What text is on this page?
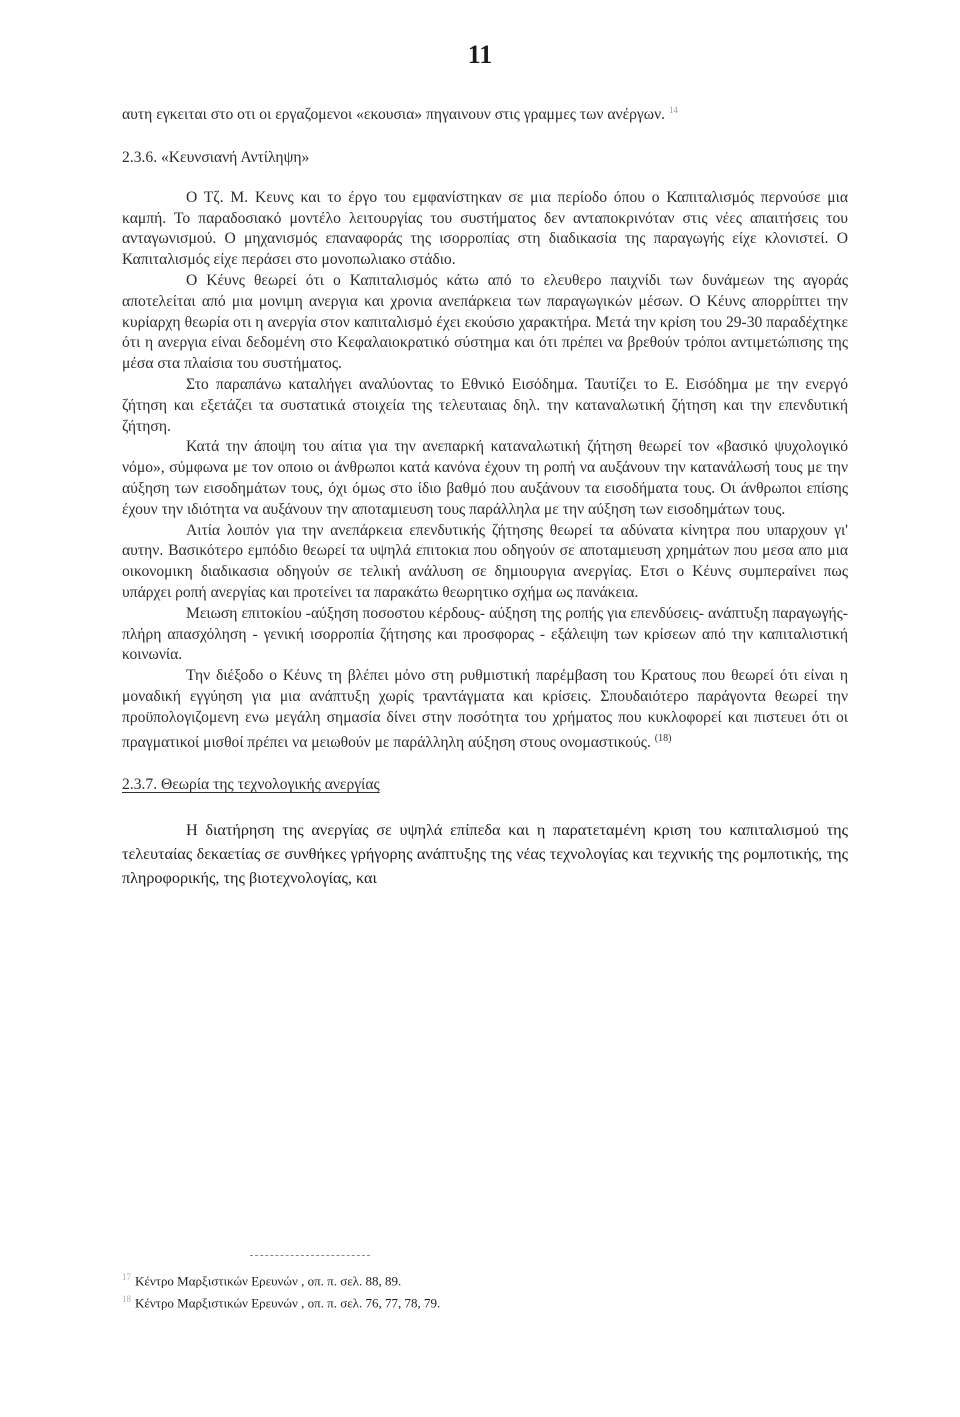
11

αυτη εγκειται στο οτι οι εργαζομενοι «εκουσια» πηγαινουν στις γραμμες των ανέργων. $^{14}$

2.3.6. «Κευνσιανή Αντίληψη»

Ο Τζ. Μ. Κευνς και το έργο του εμφανίστηκαν σε μια περίοδο όπου ο Καπιταλισμός περνούσε μια καμπή. Το παραδοσιακό μοντέλο λειτουργίας του συστήματος δεν ανταποκρινόταν στις νέες απαιτήσεις του ανταγωνισμού. Ο μηχανισμός επαναφοράς της ισορροπίας στη διαδικασία της παραγωγής είχε κλονιστεί. Ο Καπιταλισμός είχε περάσει στο μονοπωλιακο στάδιο.

Ο Κέυνς θεωρεί ότι ο Καπιταλισμός κάτω από το ελευθερο παιχνίδι των δυνάμεων της αγοράς αποτελείται από μια μονιμη ανεργια και χρονια ανεπάρκεια των παραγωγικών μέσων. Ο Κέυνς απορρίπτει την κυρίαρχη θεωρία οτι η ανεργία στον καπιταλισμό έχει εκούσιο χαρακτήρα. Μετά την κρίση του 29-30 παραδέχτηκε ότι η ανεργια είναι δεδομένη στο Κεφαλαιοκρατικό σύστημα και ότι πρέπει να βρεθούν τρόποι αντιμετώπισης της μέσα στα πλαίσια του συστήματος.

Στο παραπάνω καταλήγει αναλύοντας το Εθνικό Εισόδημα. Ταυτίζει το Ε. Εισόδημα με την ενεργό ζήτηση και εξετάζει τα συστατικά στοιχεία της τελευταιας δηλ. την καταναλωτική ζήτηση και την επενδυτική ζήτηση.

Κατά την άποψη του αίτια για την ανεπαρκή καταναλωτική ζήτηση θεωρεί τον «βασικό ψυχολογικό νόμο», σύμφωνα με τον οποιο οι άνθρωποι κατά κανόνα έχουν τη ροπή να αυξάνουν την κατανάλωσή τους με την αύξηση των εισοδημάτων τους, όχι όμως στο ίδιο βαθμό που αυξάνουν τα εισοδήματα τους. Οι άνθρωποι επίσης έχουν την ιδιότητα να αυξάνουν την αποταμιευση τους παράλληλα με την αύξηση των εισοδημάτων τους.

Αιτία λοιπόν για την ανεπάρκεια επενδυτικής ζήτησης θεωρεί τα αδύνατα κίνητρα που υπαρχουν γι' αυτην. Βασικότερο εμπόδιο θεωρεί τα υψηλά επιτοκια που οδηγούν σε αποταμιευση χρημάτων που μεσα απο μια οικονομικη διαδικασια οδηγούν σε τελική ανάλυση σε δημιουργια ανεργίας. Ετσι ο Κέυνς συμπεραίνει πως υπάρχει ροπή ανεργίας και προτείνει τα παρακάτω θεωρητικο σχήμα ως πανάκεια.

Μειωση επιτοκίου -αύξηση ποσοστου κέρδους- αύξηση της ροπής για επενδύσεις- ανάπτυξη παραγωγής- πλήρη απασχόληση - γενική ισορροπία ζήτησης και προσφορας - εξάλειψη των κρίσεων από την καπιταλιστική κοινωνία.

Την διέξοδο ο Κέυνς τη βλέπει μόνο στη ρυθμιστική παρέμβαση του Κρατους που θεωρεί ότι είναι η μοναδική εγγύηση για μια ανάπτυξη χωρίς τραντάγματα και κρίσεις. Σπουδαιότερο παράγοντα θεωρεί την προϋπολογιζομενη ενω μεγάλη σημασία δίνει στην ποσότητα του χρήματος που κυκλοφορεί και πιστευει ότι οι πραγματικοί μισθοί πρέπει να μειωθούν με παράλληλη αύξηση στους ονομαστικούς. $^{(18)}$

2.3.7. Θεωρία της τεχνολογικής ανεργίας

Η διατήρηση της ανεργίας σε υψηλά επίπεδα και η παρατεταμένη κριση του καπιταλισμού της τελευταίας δεκαετίας σε συνθήκες γρήγορης ανάπτυξης της νέας τεχνολογίας και τεχνικής της ρομποτικής, της πληροφορικής, της βιοτεχνολογίας, και

$^{17}$ Κέντρο Μαρξιστικών Ερευνών , οπ. π. σελ. 88, 89.

$^{18}$ Κέντρο Μαρξιστικών Ερευνών , οπ. π. σελ. 76, 77, 78, 79.
